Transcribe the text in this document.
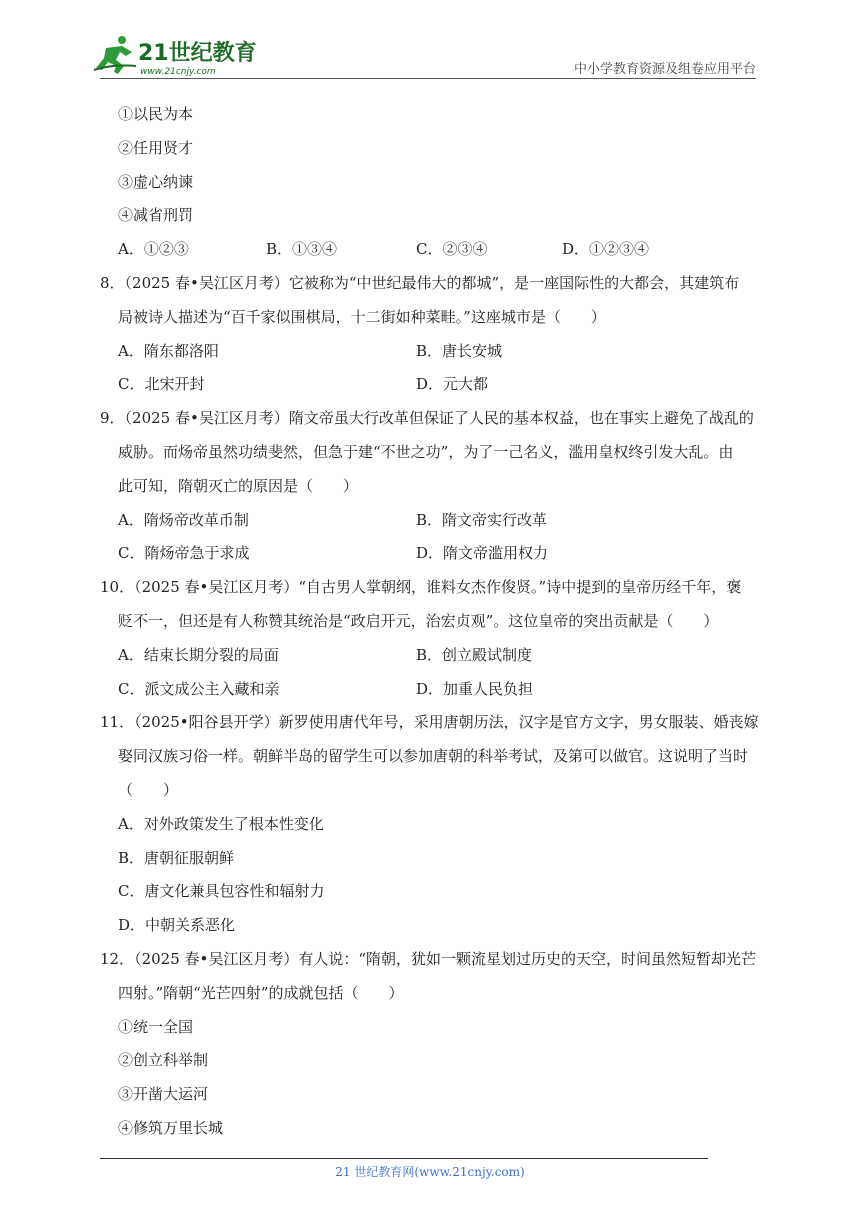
21世纪教育
www.21cnjy.com	中小学教育资源及组卷应用平台
①以民为本
②任用贤才
③虚心纳谏
④减省刑罚
A．①②③	B．①③④	C．②③④	D．①②③④
8．（2025 春•吴江区月考）它被称为“中世纪最伟大的都城”，是一座国际性的大都会，其建筑布
局被诗人描述为“百千家似围棋局，十二街如种菜畦。”这座城市是（　　）
A．隋东都洛阳	B．唐长安城
C．北宋开封	D．元大都
9．（2025 春•吴江区月考）隋文帝虽大行改革但保证了人民的基本权益，也在事实上避免了战乱的
威胁。而炀帝虽然功绩斐然，但急于建“不世之功”，为了一己名义，滥用皇权终引发大乱。由
此可知，隋朝灭亡的原因是（　　）
A．隋炀帝改革币制	B．隋文帝实行改革
C．隋炀帝急于求成	D．隋文帝滥用权力
10．（2025 春•吴江区月考）“自古男人掌朝纲，谁料女杰作俊贤。”诗中提到的皇帝历经千年，褒
贬不一，但还是有人称赞其统治是“政启开元，治宏贞观”。这位皇帝的突出贡献是（　　）
A．结束长期分裂的局面	B．创立殿试制度
C．派文成公主入藏和亲	D．加重人民负担
11．（2025•阳谷县开学）新罗使用唐代年号，采用唐朝历法，汉字是官方文字，男女服装、婚丧嫁
娶同汉族习俗一样。朝鲜半岛的留学生可以参加唐朝的科举考试，及第可以做官。这说明了当时
（　　）
A．对外政策发生了根本性变化
B．唐朝征服朝鲜
C．唐文化兼具包容性和辐射力
D．中朝关系恶化
12．（2025 春•吴江区月考）有人说：“隋朝，犹如一颗流星划过历史的天空，时间虽然短暂却光芒
四射。”隋朝“光芒四射”的成就包括（　　）
①统一全国
②创立科举制
③开凿大运河
④修筑万里长城
21 世纪教育网(www.21cnjy.com)
